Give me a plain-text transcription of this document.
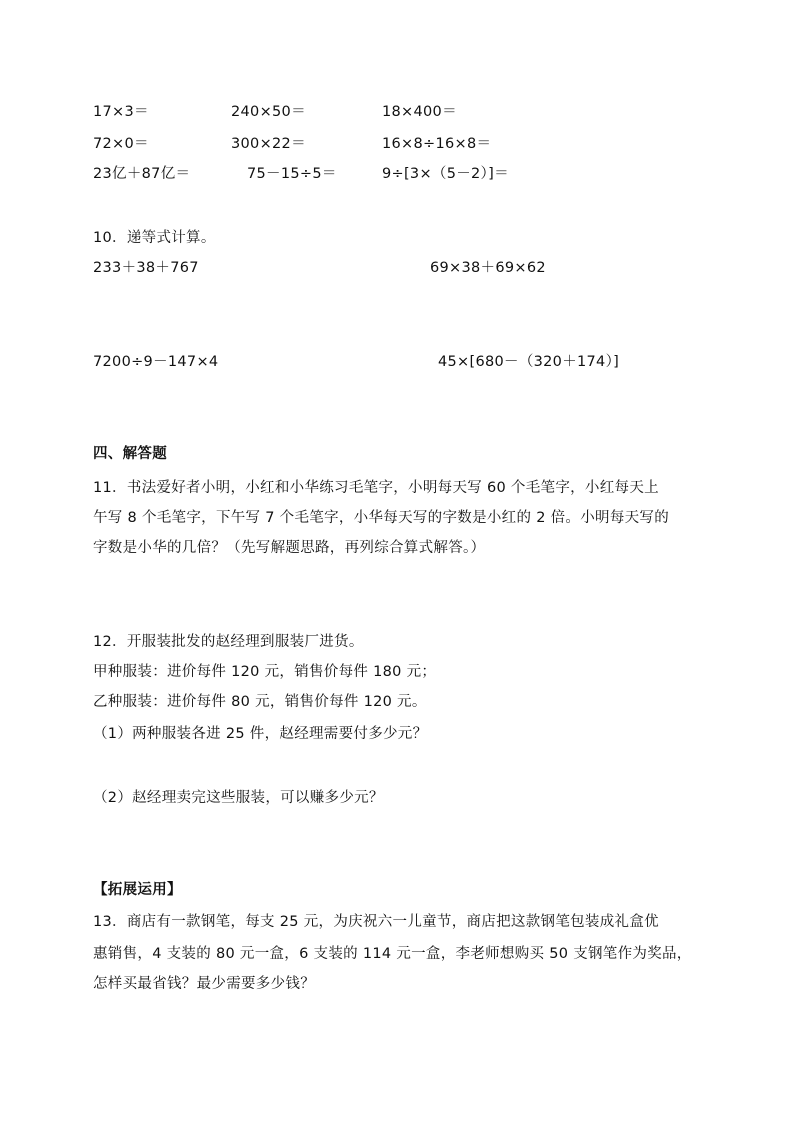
17×3＝	240×50＝	18×400＝
72×0＝	300×22＝	16×8÷16×8＝
23亿＋87亿＝	75－15÷5＝	9÷[3×（5－2）]＝
10．递等式计算。
233＋38＋767	69×38＋69×62
7200÷9－147×4	45×[680－（320＋174）]
四、解答题
11．书法爱好者小明，小红和小华练习毛笔字，小明每天写 60 个毛笔字，小红每天上
午写 8 个毛笔字，下午写 7 个毛笔字，小华每天写的字数是小红的 2 倍。小明每天写的
字数是小华的几倍？（先写解题思路，再列综合算式解答。）
12．开服装批发的赵经理到服装厂进货。
甲种服装：进价每件 120 元，销售价每件 180 元；
乙种服装：进价每件 80 元，销售价每件 120 元。
（1）两种服装各进 25 件，赵经理需要付多少元？
（2）赵经理卖完这些服装，可以赚多少元？
【拓展运用】
13．商店有一款钢笔，每支 25 元，为庆祝六一儿童节，商店把这款钢笔包装成礼盒优
惠销售，4 支装的 80 元一盒，6 支装的 114 元一盒，李老师想购买 50 支钢笔作为奖品，
怎样买最省钱？最少需要多少钱？
